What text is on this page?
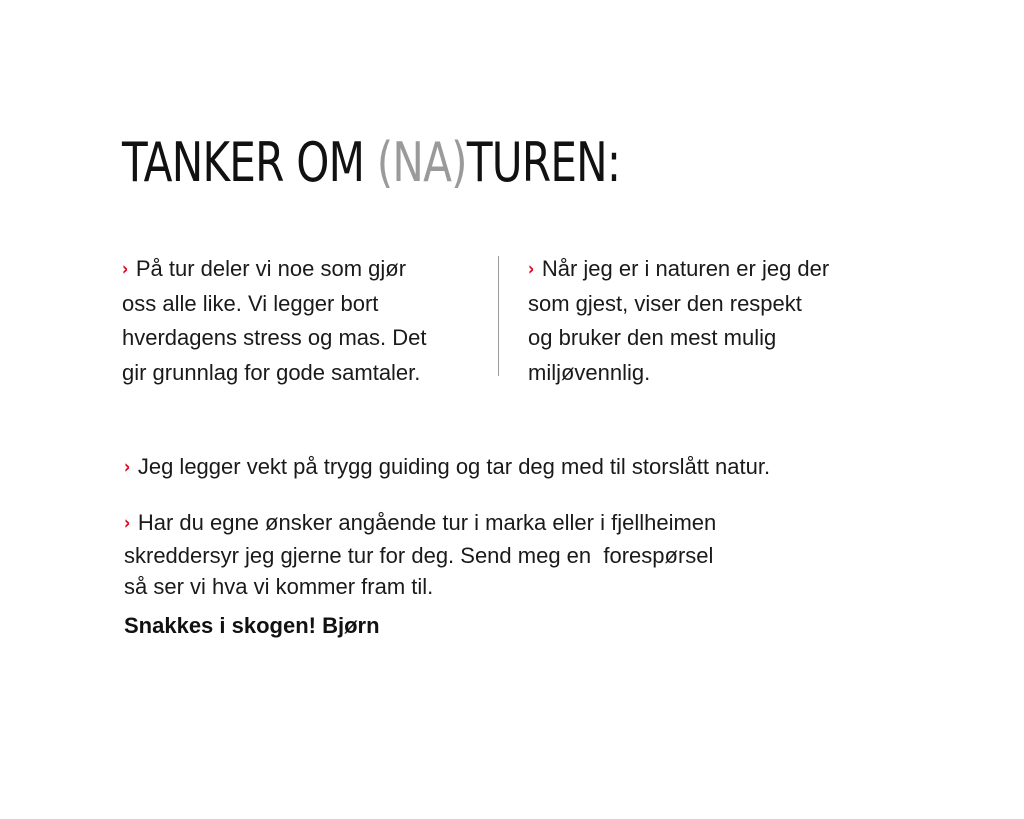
TANKER OM (NA)TUREN:
› På tur deler vi noe som gjør
oss alle like. Vi legger bort
hverdagens stress og mas. Det
gir grunnlag for gode samtaler.
› Når jeg er i naturen er jeg der
som gjest, viser den respekt
og bruker den mest mulig
miljøvennlig.
› Jeg legger vekt på trygg guiding og tar deg med til storslått natur.
› Har du egne ønsker angående tur i marka eller i fjellheimen
skreddersyr jeg gjerne tur for deg. Send meg en  forespørsel
så ser vi hva vi kommer fram til.

Snakkes i skogen! Bjørn
